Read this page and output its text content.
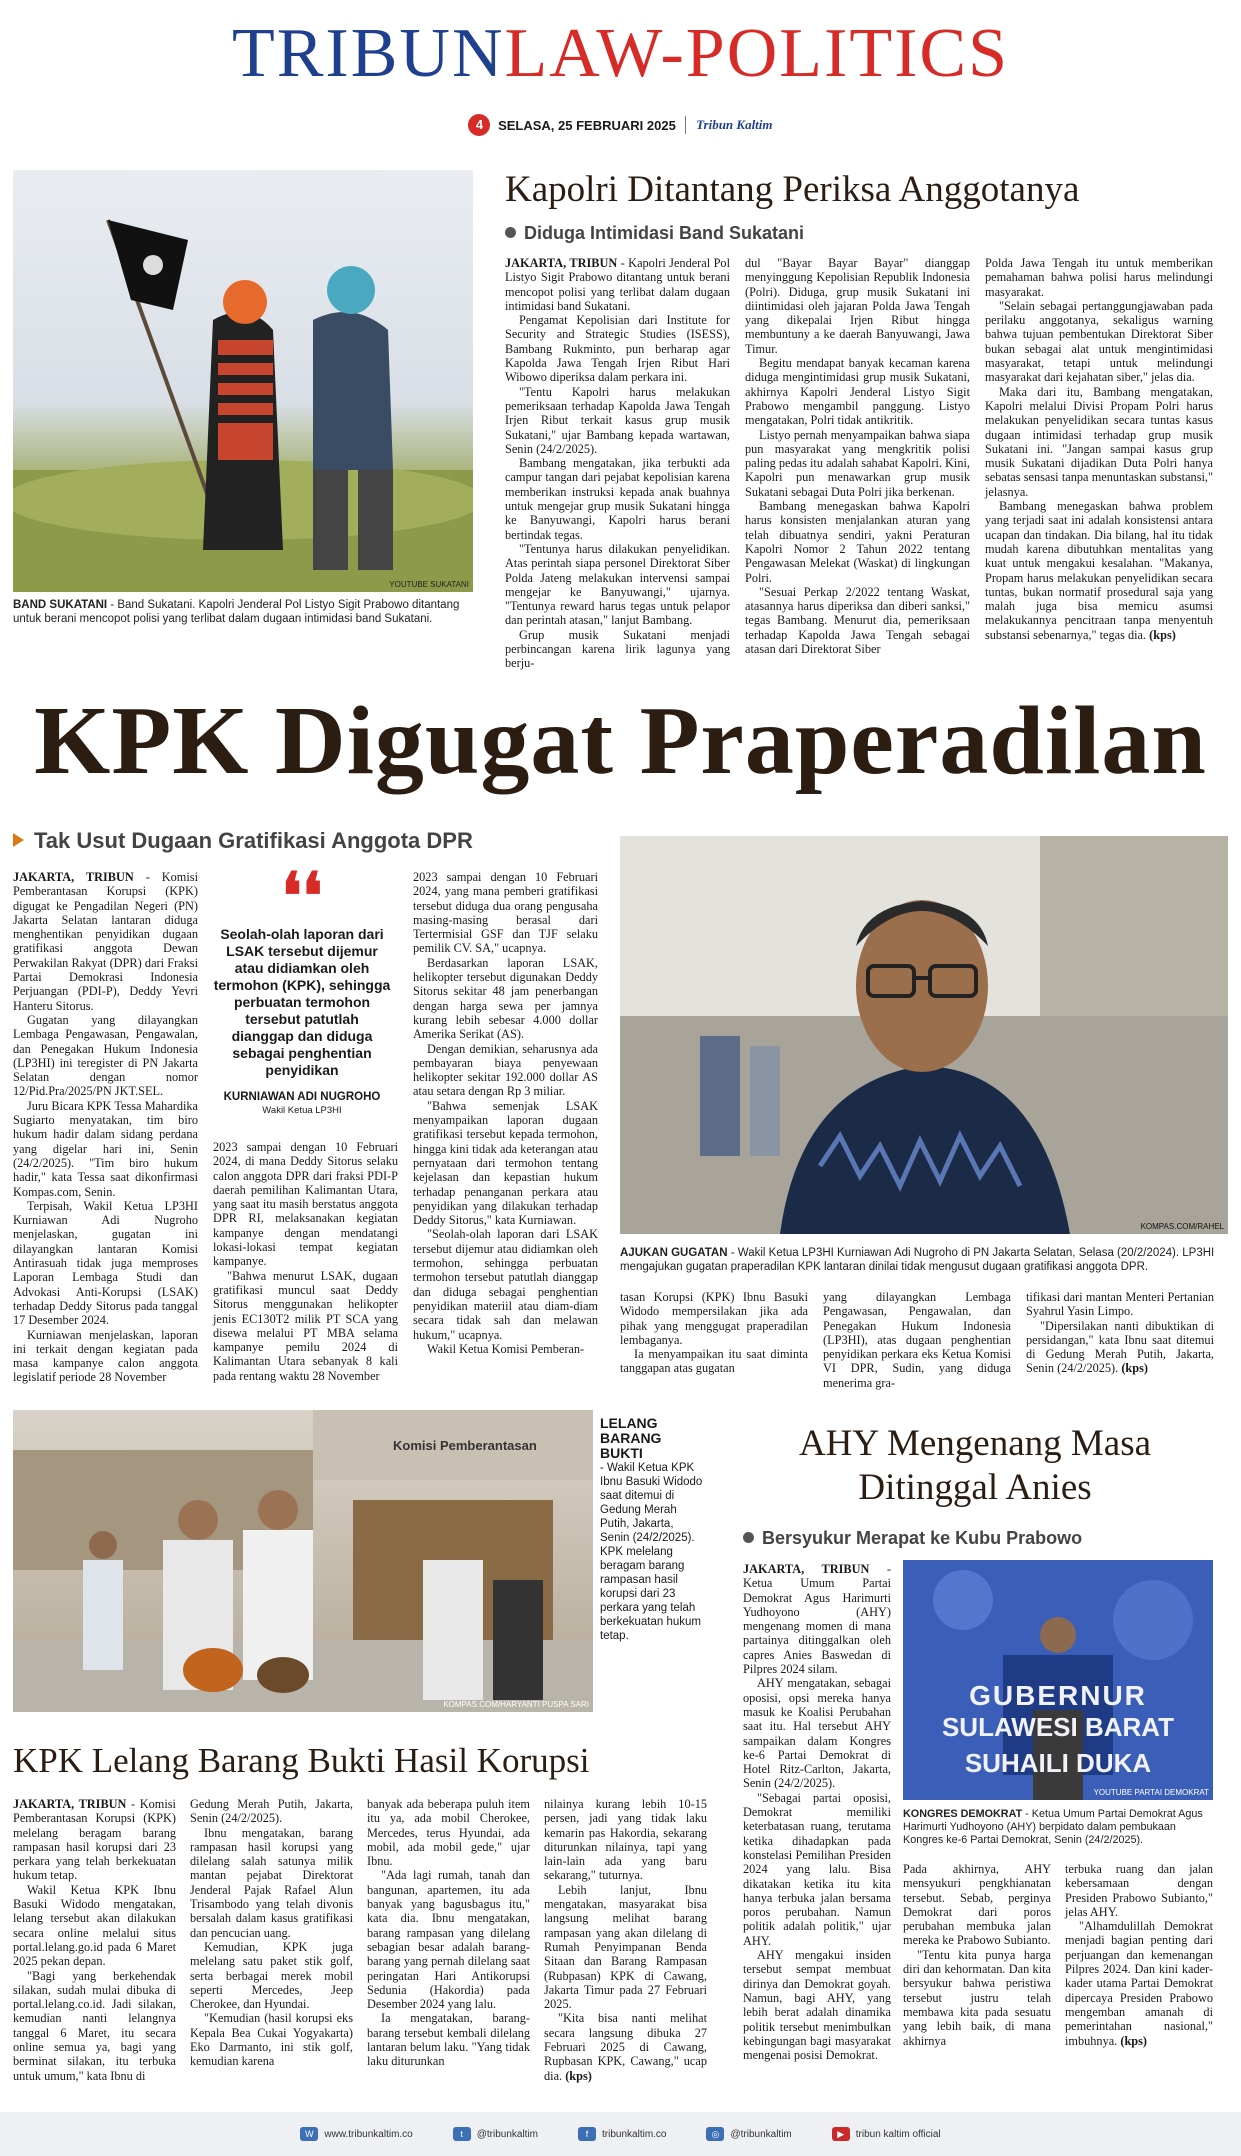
TRIBUNLAW-POLITICS
4 SELASA, 25 FEBRUARI 2025 Tribun Kaltim
YOUTUBE SUKATANI
BAND SUKATANI - Band Sukatani. Kapolri Jenderal Pol Listyo Sigit Prabowo ditantang untuk berani mencopot polisi yang terlibat dalam dugaan intimidasi band Sukatani.
Kapolri Ditantang Periksa Anggotanya
Diduga Intimidasi Band Sukatani

JAKARTA, TRIBUN - Kapolri Jenderal Pol Listyo Sigit Prabowo ditantang untuk berani mencopot polisi yang terlibat dalam dugaan intimidasi band Sukatani.

Pengamat Kepolisian dari Institute for Security and Strategic Studies (ISESS), Bambang Rukminto, pun berharap agar Kapolda Jawa Tengah Irjen Ribut Hari Wibowo diperiksa dalam perkara ini.

"Tentu Kapolri harus melakukan pemeriksaan terhadap Kapolda Jawa Tengah Irjen Ribut terkait kasus grup musik Sukatani," ujar Bambang kepada wartawan, Senin (24/2/2025).

Bambang mengatakan, jika terbukti ada campur tangan dari pejabat kepolisian karena memberikan instruksi kepada anak buahnya untuk mengejar grup musik Sukatani hingga ke Banyuwangi, Kapolri harus berani bertindak tegas.

"Tentunya harus dilakukan penyelidikan. Atas perintah siapa personel Direktorat Siber Polda Jateng melakukan intervensi sampai mengejar ke Banyuwangi," ujarnya. "Tentunya reward harus tegas untuk pelapor dan perintah atasan," lanjut Bambang.

Grup musik Sukatani menjadi perbincangan karena lirik lagunya yang berju-

dul "Bayar Bayar Bayar" dianggap menyinggung Kepolisian Republik Indonesia (Polri). Diduga, grup musik Sukatani ini diintimidasi oleh jajaran Polda Jawa Tengah yang dikepalai Irjen Ribut hingga membuntuny a ke daerah Banyuwangi, Jawa Timur.

Begitu mendapat banyak kecaman karena diduga mengintimidasi grup musik Sukatani, akhirnya Kapolri Jenderal Listyo Sigit Prabowo mengambil panggung. Listyo mengatakan, Polri tidak antikritik.

Listyo pernah menyampaikan bahwa siapa pun masyarakat yang mengkritik polisi paling pedas itu adalah sahabat Kapolri. Kini, Kapolri pun menawarkan grup musik Sukatani sebagai Duta Polri jika berkenan.

Bambang menegaskan bahwa Kapolri harus konsisten menjalankan aturan yang telah dibuatnya sendiri, yakni Peraturan Kapolri Nomor 2 Tahun 2022 tentang Pengawasan Melekat (Waskat) di lingkungan Polri.

"Sesuai Perkap 2/2022 tentang Waskat, atasannya harus diperiksa dan diberi sanksi," tegas Bambang. Menurut dia, pemeriksaan terhadap Kapolda Jawa Tengah sebagai atasan dari Direktorat Siber

Polda Jawa Tengah itu untuk memberikan pemahaman bahwa polisi harus melindungi masyarakat.

"Selain sebagai pertanggungjawaban pada perilaku anggotanya, sekaligus warning bahwa tujuan pembentukan Direktorat Siber bukan sebagai alat untuk mengintimidasi masyarakat, tetapi untuk melindungi masyarakat dari kejahatan siber," jelas dia.

Maka dari itu, Bambang mengatakan, Kapolri melalui Divisi Propam Polri harus melakukan penyelidikan secara tuntas kasus dugaan intimidasi terhadap grup musik Sukatani ini. "Jangan sampai kasus grup musik Sukatani dijadikan Duta Polri hanya sebatas sensasi tanpa menuntaskan substansi," jelasnya.

Bambang menegaskan bahwa problem yang terjadi saat ini adalah konsistensi antara ucapan dan tindakan. Dia bilang, hal itu tidak mudah karena dibutuhkan mentalitas yang kuat untuk mengakui kesalahan. "Makanya, Propam harus melakukan penyelidikan secara tuntas, bukan normatif prosedural saja yang malah juga bisa memicu asumsi melakukannya pencitraan tanpa menyentuh substansi sebenarnya," tegas dia. (kps)

KPK Digugat Praperadilan
Tak Usut Dugaan Gratifikasi Anggota DPR

JAKARTA, TRIBUN - Komisi Pemberantasan Korupsi (KPK) digugat ke Pengadilan Negeri (PN) Jakarta Selatan lantaran diduga menghentikan penyidikan dugaan gratifikasi anggota Dewan Perwakilan Rakyat (DPR) dari Fraksi Partai Demokrasi Indonesia Perjuangan (PDI-P), Deddy Yevri Hanteru Sitorus.

Gugatan yang dilayangkan Lembaga Pengawasan, Pengawalan, dan Penegakan Hukum Indonesia (LP3HI) ini teregister di PN Jakarta Selatan dengan nomor 12/Pid.Pra/2025/PN JKT.SEL.

Juru Bicara KPK Tessa Mahardika Sugiarto menyatakan, tim biro hukum hadir dalam sidang perdana yang digelar hari ini, Senin (24/2/2025). "Tim biro hukum hadir," kata Tessa saat dikonfirmasi Kompas.com, Senin.

Terpisah, Wakil Ketua LP3HI Kurniawan Adi Nugroho menjelaskan, gugatan ini dilayangkan lantaran Komisi Antirasuah tidak juga memproses Laporan Lembaga Studi dan Advokasi Anti-Korupsi (LSAK) terhadap Deddy Sitorus pada tanggal 17 Desember 2024.

Kurniawan menjelaskan, laporan ini terkait dengan kegiatan pada masa kampanye calon anggota legislatif periode 28 November

❛❛
Seolah-olah laporan dari LSAK tersebut dijemur atau didiamkan oleh termohon (KPK), sehingga perbuatan termohon tersebut patutlah dianggap dan diduga sebagai penghentian penyidikan
KURNIAWAN ADI NUGROHO
Wakil Ketua LP3HI

2023 sampai dengan 10 Februari 2024, di mana Deddy Sitorus selaku calon anggota DPR dari fraksi PDI-P daerah pemilihan Kalimantan Utara, yang saat itu masih berstatus anggota DPR RI, melaksanakan kegiatan kampanye dengan mendatangi lokasi-lokasi tempat kegiatan kampanye.

"Bahwa menurut LSAK, dugaan gratifikasi muncul saat Deddy Sitorus menggunakan helikopter jenis EC130T2 milik PT SCA yang disewa melalui PT MBA selama kampanye pemilu 2024 di Kalimantan Utara sebanyak 8 kali pada rentang waktu 28 November

2023 sampai dengan 10 Februari 2024, yang mana pemberi gratifikasi tersebut diduga dua orang pengusaha masing-masing berasal dari Tertermisial GSF dan TJF selaku pemilik CV. SA," ucapnya.

Berdasarkan laporan LSAK, helikopter tersebut digunakan Deddy Sitorus sekitar 48 jam penerbangan dengan harga sewa per jamnya kurang lebih sebesar 4.000 dollar Amerika Serikat (AS).

Dengan demikian, seharusnya ada pembayaran biaya penyewaan helikopter sekitar 192.000 dollar AS atau setara dengan Rp 3 miliar.

"Bahwa semenjak LSAK menyampaikan laporan dugaan gratifikasi tersebut kepada termohon, hingga kini tidak ada keterangan atau pernyataan dari termohon tentang kejelasan dan kepastian hukum terhadap penanganan perkara atau penyidikan yang dilakukan terhadap Deddy Sitorus," kata Kurniawan.

"Seolah-olah laporan dari LSAK tersebut dijemur atau didiamkan oleh termohon, sehingga perbuatan termohon tersebut patutlah dianggap dan diduga sebagai penghentian penyidikan materiil atau diam-diam secara tidak sah dan melawan hukum," ucapnya.

Wakil Ketua Komisi Pemberan-

KOMPAS.COM/RAHEL
AJUKAN GUGATAN - Wakil Ketua LP3HI Kurniawan Adi Nugroho di PN Jakarta Selatan, Selasa (20/2/2024). LP3HI mengajukan gugatan praperadilan KPK lantaran dinilai tidak mengusut dugaan gratifikasi anggota DPR.

tasan Korupsi (KPK) Ibnu Basuki Widodo mempersilakan jika ada pihak yang menggugat praperadilan lembaganya.

Ia menyampaikan itu saat diminta tanggapan atas gugatan

yang dilayangkan Lembaga Pengawasan, Pengawalan, dan Penegakan Hukum Indonesia (LP3HI), atas dugaan penghentian penyidikan perkara eks Ketua Komisi VI DPR, Sudin, yang diduga menerima gra-

tifikasi dari mantan Menteri Pertanian Syahrul Yasin Limpo.

"Dipersilakan nanti dibuktikan di persidangan," kata Ibnu saat ditemui di Gedung Merah Putih, Jakarta, Senin (24/2/2025). (kps)

Komisi Pemberantasan
KOMPAS.COM/HARYANTI PUSPA SARI
LELANG BARANG BUKTI
- Wakil Ketua KPK Ibnu Basuki Widodo saat ditemui di Gedung Merah Putih, Jakarta, Senin (24/2/2025). KPK melelang beragam barang rampasan hasil korupsi dari 23 perkara yang telah berkekuatan hukum tetap.
KPK Lelang Barang Bukti Hasil Korupsi

JAKARTA, TRIBUN - Komisi Pemberantasan Korupsi (KPK) melelang beragam barang rampasan hasil korupsi dari 23 perkara yang telah berkekuatan hukum tetap.

Wakil Ketua KPK Ibnu Basuki Widodo mengatakan, lelang tersebut akan dilakukan secara online melalui situs portal.lelang.go.id pada 6 Maret 2025 pekan depan.

"Bagi yang berkehendak silakan, sudah mulai dibuka di portal.lelang.co.id. Jadi silakan, kemudian nanti lelangnya tanggal 6 Maret, itu secara online semua ya, bagi yang berminat silakan, itu terbuka untuk umum," kata Ibnu di

Gedung Merah Putih, Jakarta, Senin (24/2/2025).

Ibnu mengatakan, barang rampasan hasil korupsi yang dilelang salah satunya milik mantan pejabat Direktorat Jenderal Pajak Rafael Alun Trisambodo yang telah divonis bersalah dalam kasus gratifikasi dan pencucian uang.

Kemudian, KPK juga melelang satu paket stik golf, serta berbagai merek mobil seperti Mercedes, Jeep Cherokee, dan Hyundai.

"Kemudian (hasil korupsi eks Kepala Bea Cukai Yogyakarta) Eko Darmanto, ini stik golf, kemudian karena

banyak ada beberapa puluh item itu ya, ada mobil Cherokee, Mercedes, terus Hyundai, ada mobil, ada mobil gede," ujar Ibnu.

"Ada lagi rumah, tanah dan bangunan, apartemen, itu ada banyak yang bagusbagus itu," kata dia. Ibnu mengatakan, barang rampasan yang dilelang sebagian besar adalah barang-barang yang pernah dilelang saat peringatan Hari Antikorupsi Sedunia (Hakordia) pada Desember 2024 yang lalu.

Ia mengatakan, barang-barang tersebut kembali dilelang lantaran belum laku. "Yang tidak laku diturunkan

nilainya kurang lebih 10-15 persen, jadi yang tidak laku kemarin pas Hakordia, sekarang diturunkan nilainya, tapi yang lain-lain ada yang baru sekarang," tuturnya.

Lebih lanjut, Ibnu mengatakan, masyarakat bisa langsung melihat barang rampasan yang akan dilelang di Rumah Penyimpanan Benda Sitaan dan Barang Rampasan (Rubpasan) KPK di Cawang, Jakarta Timur pada 27 Februari 2025.

"Kita bisa nanti melihat secara langsung dibuka 27 Februari 2025 di Cawang, Rupbasan KPK, Cawang," ucap dia. (kps)

AHY Mengenang Masa
Ditinggal Anies
Bersyukur Merapat ke Kubu Prabowo

JAKARTA, TRIBUN - Ketua Umum Partai Demokrat Agus Harimurti Yudhoyono (AHY) mengenang momen di mana partainya ditinggalkan oleh capres Anies Baswedan di Pilpres 2024 silam.

AHY mengatakan, sebagai oposisi, opsi mereka hanya masuk ke Koalisi Perubahan saat itu. Hal tersebut AHY sampaikan dalam Kongres ke-6 Partai Demokrat di Hotel Ritz-Carlton, Jakarta, Senin (24/2/2025).

"Sebagai partai oposisi, Demokrat memiliki keterbatasan ruang, terutama ketika dihadapkan pada konstelasi Pemilihan Presiden 2024 yang lalu. Bisa dikatakan ketika itu kita hanya terbuka jalan bersama poros perubahan. Namun politik adalah politik," ujar AHY.

AHY mengakui insiden tersebut sempat membuat dirinya dan Demokrat goyah. Namun, bagi AHY, yang lebih berat adalah dinamika politik tersebut menimbulkan kebingungan bagi masyarakat mengenai posisi Demokrat.

GUBERNUR
SULAWESI BARAT
SUHAILI DUKA
YOUTUBE PARTAI DEMOKRAT
KONGRES DEMOKRAT - Ketua Umum Partai Demokrat Agus Harimurti Yudhoyono (AHY) berpidato dalam pembukaan Kongres ke-6 Partai Demokrat, Senin (24/2/2025).

Pada akhirnya, AHY mensyukuri pengkhianatan tersebut. Sebab, perginya Demokrat dari poros perubahan membuka jalan mereka ke Prabowo Subianto.

"Tentu kita punya harga diri dan kehormatan. Dan kita bersyukur bahwa peristiwa tersebut justru telah membawa kita pada sesuatu yang lebih baik, di mana akhirnya

terbuka ruang dan jalan kebersamaan dengan Presiden Prabowo Subianto," jelas AHY.

"Alhamdulillah Demokrat menjadi bagian penting dari perjuangan dan kemenangan Pilpres 2024. Dan kini kader-kader utama Partai Demokrat dipercaya Presiden Prabowo mengemban amanah di pemerintahan nasional," imbuhnya. (kps)

W	www.tribunkaltim.co	t	@tribunkaltim	f	tribunkaltim.co	◎	@tribunkaltim	▶	tribun kaltim official
